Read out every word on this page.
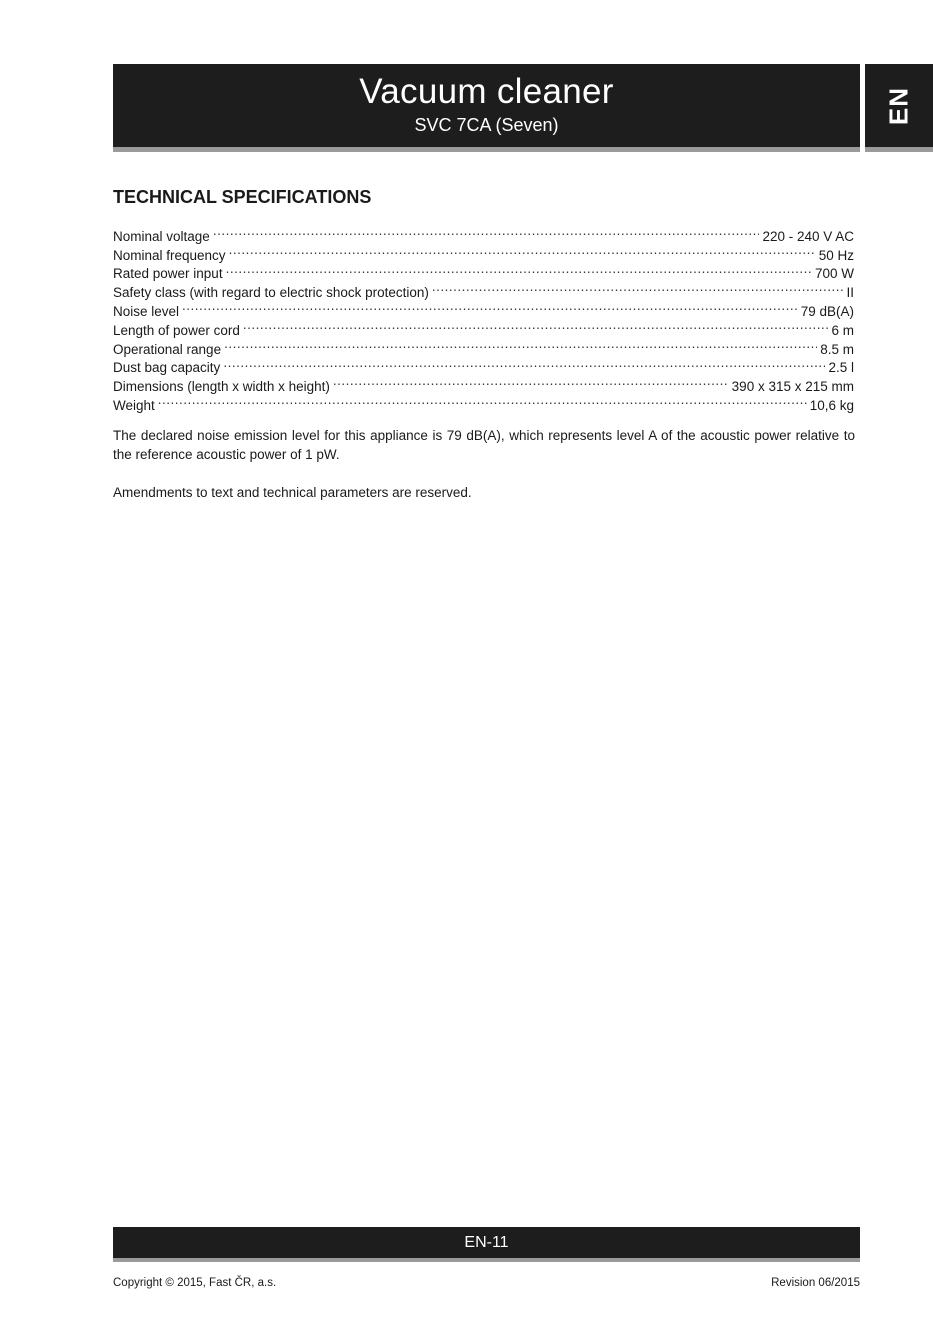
Vacuum cleaner
SVC 7CA (Seven)
EN
TECHNICAL SPECIFICATIONS
Nominal voltage .....	220 - 240 V AC
Nominal frequency .....	50 Hz
Rated power input .....	700 W
Safety class (with regard to electric shock protection) .....	II
Noise level .....	79 dB(A)
Length of power cord .....	6 m
Operational range .....	8.5 m
Dust bag capacity .....	2.5 l
Dimensions (length x width x height) .....	390 x 315 x 215 mm
Weight .....	10,6 kg

The declared noise emission level for this appliance is 79 dB(A), which represents level A of the acoustic power relative to the reference acoustic power of 1 pW.

Amendments to text and technical parameters are reserved.

EN-11
Copyright © 2015, Fast ČR, a.s.	Revision 06/2015
